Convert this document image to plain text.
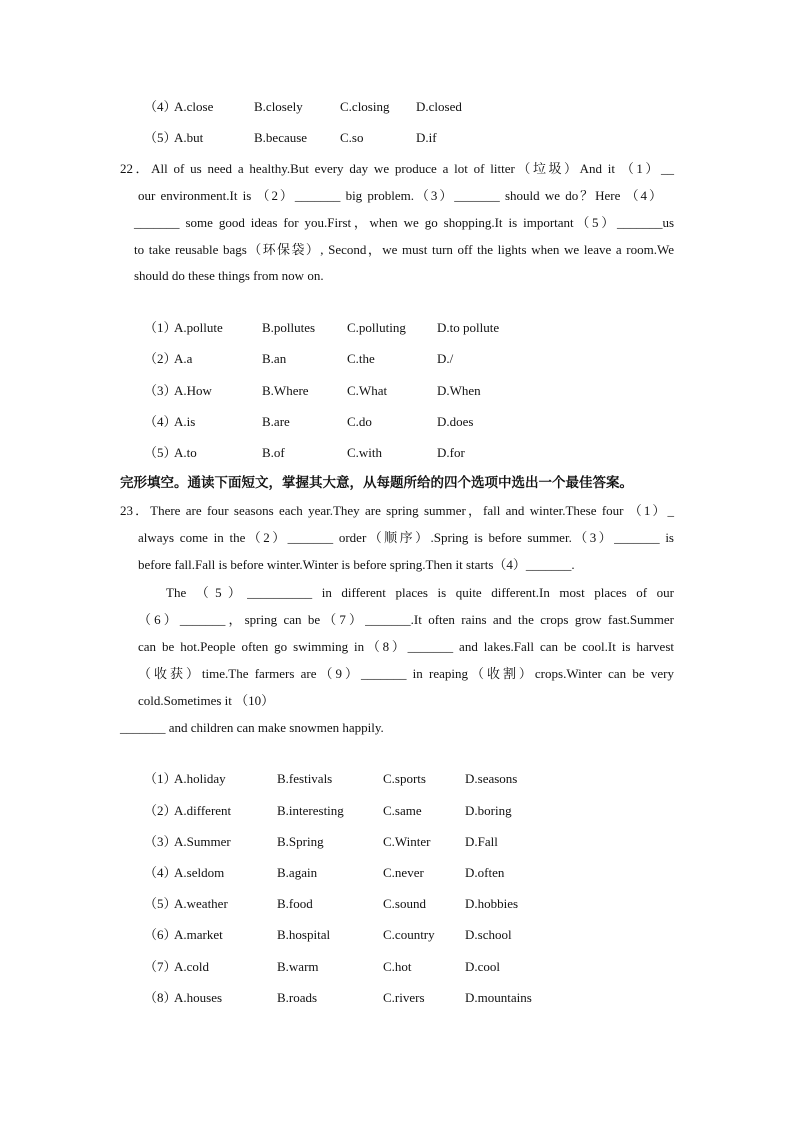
（4）
A.close	B.closely	C.closing D.closed
（5）
A.but	B.because	C.so	D.if
22．All of us need a healthy.But every day we produce a lot of litter（垃圾）And it （1）__
our environment.It is （2）_______ big problem.（3）_______ should we do？Here （4）
_______ some good ideas for you.First，when we go shopping.It is important（5）_______us
to take reusable bags（环保袋）, Second，we must turn off the lights when we leave a room.We
should do these things from now on.
（1）
A.pollute	B.pollutes C.polluting D.to pollute
（2）
A.a	B.an	C.the	D./
（3）
A.How	B.Where	C.What	D.When
（4）
A.is	B.are	C.do	D.does
（5）
A.to	B.of	C.with	D.for
完形填空。通读下面短文，掌握其大意，从每题所给的四个选项中选出一个最佳答案。
23．There are four seasons each year.They are spring summer，fall and winter.These four （1）_
always come in the（2）_______ order（顺序）.Spring is before summer.（3）_______ is
before fall.Fall is before winter.Winter is before spring.Then it starts（4）_______.
The （5）__________ in different places is quite different.In most places of our
（6）_______，spring can be（7）_______.It often rains and the crops grow fast.Summer
can be hot.People often go swimming in（8）_______ and lakes.Fall can be cool.It is harvest
（收获）time.The farmers are（9）_______ in reaping（收割）crops.Winter can be very
cold.Sometimes it （10）
_______ and children can make snowmen happily.
（1）
A.holiday	B.festivals	C.sports	D.seasons
（2）
A.different	B.interesting	C.same	D.boring
（3）
A.Summer	B.Spring	C.Winter	D.Fall
（4）
A.seldom	B.again	C.never	D.often
（5）
A.weather	B.food	C.sound	D.hobbies
（6）
A.market	B.hospital	C.country D.school
（7）
A.cold	B.warm	C.hot	D.cool
（8）
A.houses	B.roads	C.rivers	D.mountains
